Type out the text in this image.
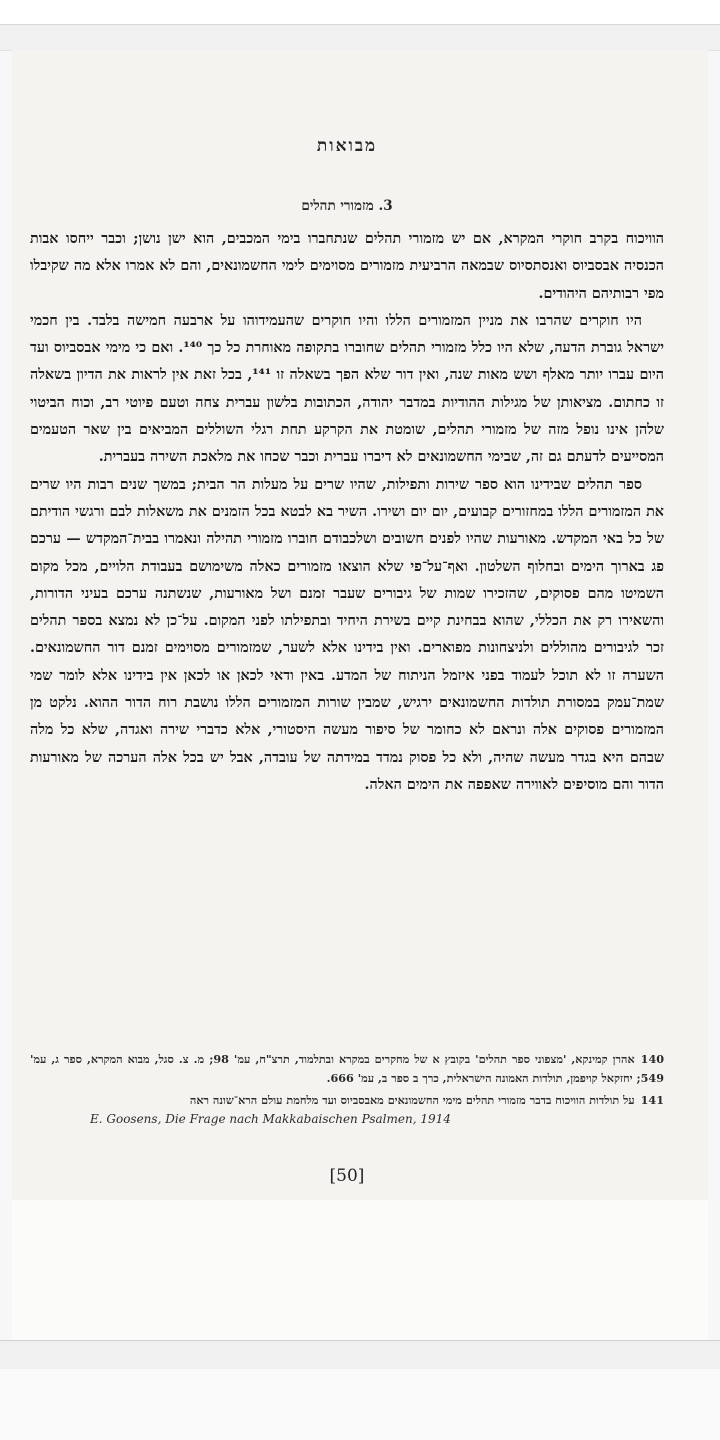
מבואות
3. מזמורי תהלים

הוויכוח בקרב חוקרי המקרא, אם יש מזמורי תהלים שנתחברו בימי המכבים, הוא ישן נושן; וכבר ייחסו אבות הכנסיה אבסביוס ואנסתסיוס שבמאה הרביעית מזמורים מסוימים לימי החשמונאים, והם לא אמרו אלא מה שקיבלו מפי רבותיהם היהודים.

היו חוקרים שהרבו את מניין המזמורים הללו והיו חוקרים שהעמידוהו על ארבעה חמישה בלבד. בין חכמי ישראל גוברת הדעה, שלא היו כלל מזמורי תהלים שחוברו בתקופה מאוחרת כל כך ¹⁴⁰. ואם כי מימי אבסביוס ועד היום עברו יותר מאלף ושש מאות שנה, ואין דור שלא הפך בשאלה זו ¹⁴¹, בכל זאת אין לראות את הדיון בשאלה זו כחתום. מציאותן של מגילות ההודיות במדבר יהודה, הכתובות בלשון עברית צחה וטעם פיוטי רב, וכוח הביטוי שלהן אינו נופל מזה של מזמורי תהלים, שומטת את הקרקע תחת רגלי השוללים המביאים בין שאר הטעמים המסייעים לדעתם גם זה, שבימי החשמונאים לא דיברו עברית וכבר שכחו את מלאכת השירה בעברית.

ספר תהלים שבידינו הוא ספר שירות ותפילות, שהיו שרים על מעלות הר הבית; במשך שנים רבות היו שרים את המזמורים הללו במחזורים קבועים, יום יום ושירו. השיר בא לבטא בכל הזמנים את משאלות לבם ורגשי הודיתם של כל באי המקדש. מאורעות שהיו לפנים חשובים ושלכבודם חוברו מזמורי תהילה ונאמרו בבית־המקדש — ערכם פג בארוך הימים ובחלוף השלטון. ואף־על־פי שלא הוצאו מזמורים כאלה משימושם בעבודת הלויים, מכל מקום השמיטו מהם פסוקים, שהזכירו שמות של גיבורים שעבר זמנם ושל מאורעות, שנשתנה ערכם בעיני הדורות, והשאירו רק את הכללי, שהוא בבחינת קיים בשירת היחיד ובתפילתו לפני המקום. על־כן לא נמצא בספר תהלים זכר לגיבורים מהוללים ולניצחונות מפוארים. ואין בידינו אלא לשער, שמזמורים מסוימים זמנם דור החשמונאים. השערה זו לא תוכל לעמוד בפני איזמל הניתוח של המדע. באין ודאי לכאן או לכאן אין בידינו אלא לומר שמי שמת־עמק במסורת תולדות החשמונאים ירגיש, שמבין שורות המזמורים הללו נושבת רוח הדור ההוא. נלקט מן המזמורים פסוקים אלה ונראם לא כחומר של סיפור מעשה היסטורי, אלא כדברי שירה ואגדה, שלא כל מלה שבהם היא בגדר מעשה שהיה, ולא כל פסוק נמדד במידתה של עובדה, אבל יש בכל אלה הערכה של מאורעות הדור והם מוסיפים לאווירה שאפפה את הימים האלה.

140אהרן קמינקא, 'מצפוני ספר תהלים' בקובץ א של מחקרים במקרא ובתלמוד, תרצ"ח, עמ' 98; מ. צ. סגל, מבוא המקרא, ספר ג, עמ' 549; יחזקאל קויפמן, תולדות האמונה הישראלית, כרך ב ספר ב, עמ' 666.

141על תולדות הוויכוח בדבר מזמורי תהלים מימי החשמונאים מאבסביוס ועד מלחמת עולם הרא־שונה ראה
E. Goosens, Die Frage nach Makkabaischen Psalmen, 1914

[50]
